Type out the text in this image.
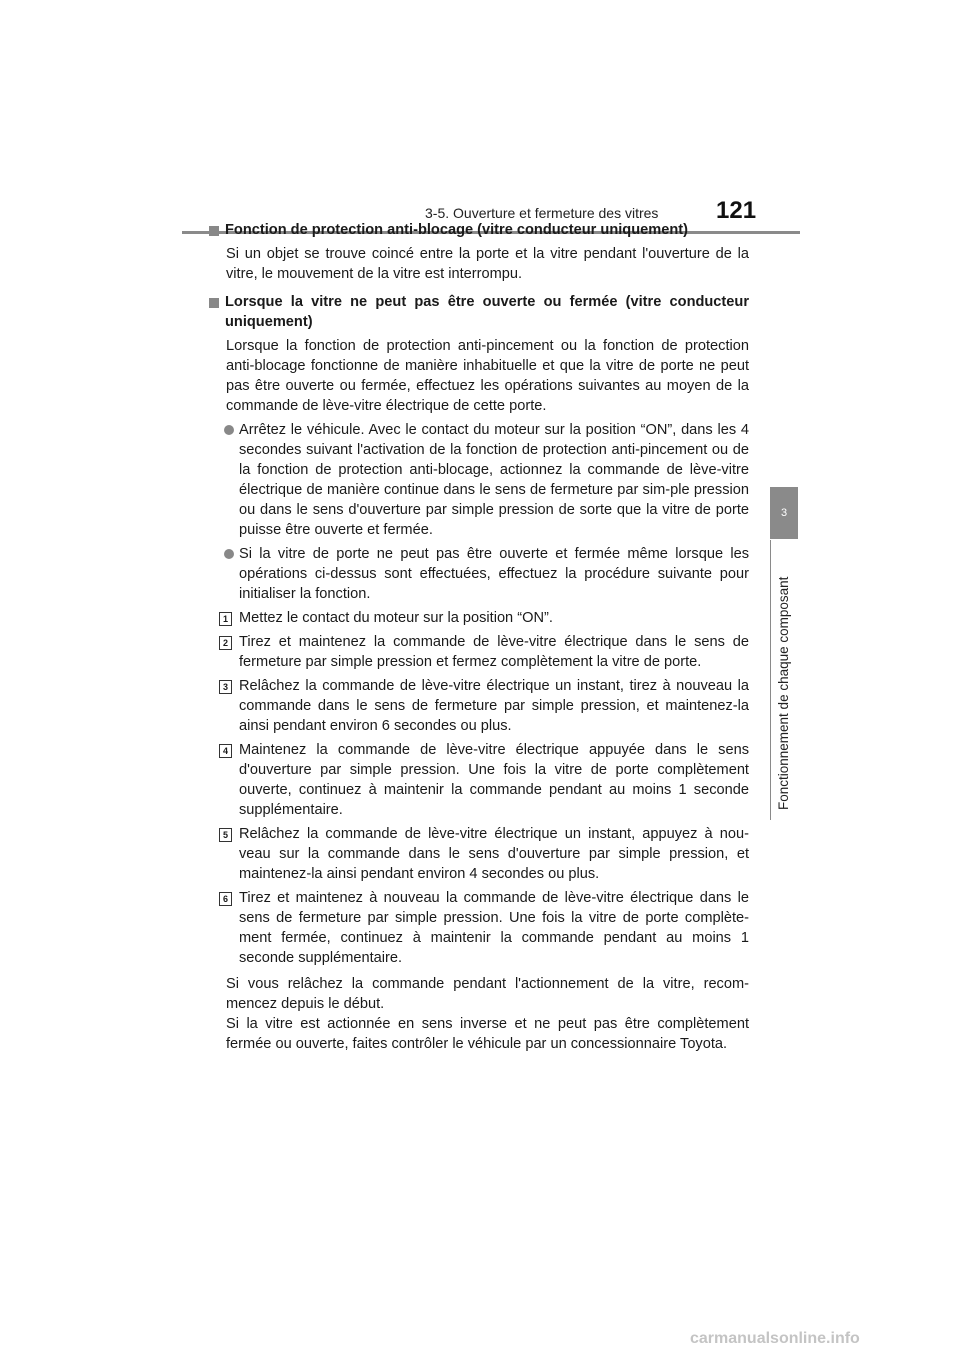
3-5. Ouverture et fermeture des vitres 121
3
Fonctionnement de chaque composant
Fonction de protection anti-blocage (vitre conducteur uniquement)
Si un objet se trouve coincé entre la porte et la vitre pendant l'ouverture de la vitre, le mouvement de la vitre est interrompu.
Lorsque la vitre ne peut pas être ouverte ou fermée (vitre conducteur uniquement)
Lorsque la fonction de protection anti-pincement ou la fonction de protection anti-blocage fonctionne de manière inhabituelle et que la vitre de porte ne peut pas être ouverte ou fermée, effectuez les opérations suivantes au moyen de la commande de lève-vitre électrique de cette porte.
Arrêtez le véhicule. Avec le contact du moteur sur la position “ON”, dans les 4 secondes suivant l'activation de la fonction de protection anti-pincement ou de la fonction de protection anti-blocage, actionnez la commande de lève-vitre électrique de manière continue dans le sens de fermeture par sim-ple pression ou dans le sens d'ouverture par simple pression de sorte que la vitre de porte puisse être ouverte et fermée.
Si la vitre de porte ne peut pas être ouverte et fermée même lorsque les opérations ci-dessus sont effectuées, effectuez la procédure suivante pour initialiser la fonction.
1 Mettez le contact du moteur sur la position “ON”.
2 Tirez et maintenez la commande de lève-vitre électrique dans le sens de fermeture par simple pression et fermez complètement la vitre de porte.
3 Relâchez la commande de lève-vitre électrique un instant, tirez à nouveau la commande dans le sens de fermeture par simple pression, et maintenez-la ainsi pendant environ 6 secondes ou plus.
4 Maintenez la commande de lève-vitre électrique appuyée dans le sens d'ouverture par simple pression. Une fois la vitre de porte complètement ouverte, continuez à maintenir la commande pendant au moins 1 seconde supplémentaire.
5 Relâchez la commande de lève-vitre électrique un instant, appuyez à nou-veau sur la commande dans le sens d'ouverture par simple pression, et maintenez-la ainsi pendant environ 4 secondes ou plus.
6 Tirez et maintenez à nouveau la commande de lève-vitre électrique dans le sens de fermeture par simple pression. Une fois la vitre de porte complète-ment fermée, continuez à maintenir la commande pendant au moins 1 seconde supplémentaire.
Si vous relâchez la commande pendant l'actionnement de la vitre, recom-mencez depuis le début.
Si la vitre est actionnée en sens inverse et ne peut pas être complètement fermée ou ouverte, faites contrôler le véhicule par un concessionnaire Toyota.
carmanualsonline.info
